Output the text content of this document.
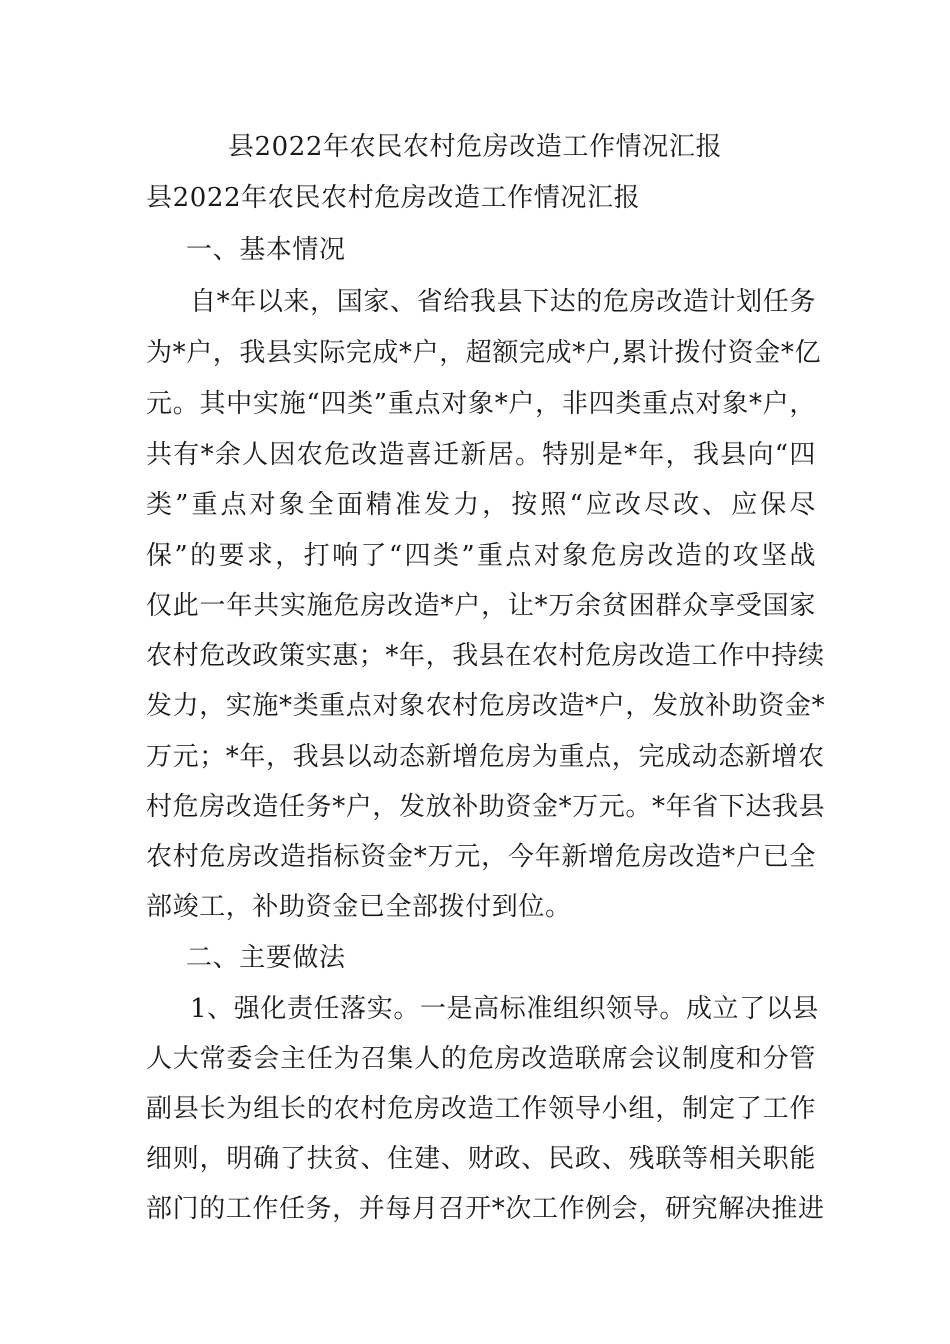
县2022年农民农村危房改造工作情况汇报
县2022年农民农村危房改造工作情况汇报
一、基本情况
自*年以来，国家、省给我县下达的危房改造计划任务
为*户，我县实际完成*户，超额完成*户,累计拨付资金*亿
元。其中实施“四类”重点对象*户，非四类重点对象*户，
共有*余人因农危改造喜迁新居。特别是*年，我县向“四
类”重点对象全面精准发力，按照“应改尽改、应保尽
保”的要求，打响了“四类”重点对象危房改造的攻坚战
仅此一年共实施危房改造*户，让*万余贫困群众享受国家
农村危改政策实惠；*年，我县在农村危房改造工作中持续
发力，实施*类重点对象农村危房改造*户，发放补助资金*
万元；*年，我县以动态新增危房为重点，完成动态新增农
村危房改造任务*户，发放补助资金*万元。*年省下达我县
农村危房改造指标资金*万元，今年新增危房改造*户已全
部竣工，补助资金已全部拨付到位。
二、主要做法
1、强化责任落实。一是高标准组织领导。成立了以县
人大常委会主任为召集人的危房改造联席会议制度和分管
副县长为组长的农村危房改造工作领导小组，制定了工作
细则，明确了扶贫、住建、财政、民政、残联等相关职能
部门的工作任务，并每月召开*次工作例会，研究解决推进
